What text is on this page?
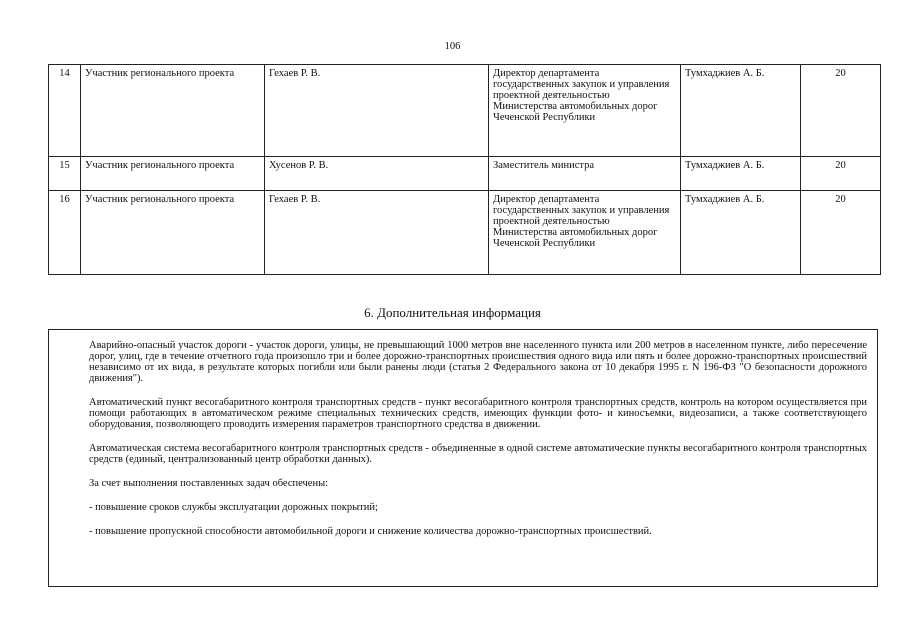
106
14	Участник регионального проекта	Гехаев Р. В.	Директор департамента государственных закупок и управления проектной деятельностью Министерства автомобильных дорог Чеченской Республики	Тумхаджиев А. Б.	20
15	Участник регионального проекта	Хусенов Р. В.	Заместитель министра	Тумхаджиев А. Б.	20
16	Участник регионального проекта	Гехаев Р. В.	Директор департамента государственных закупок и управления проектной деятельностью Министерства автомобильных дорог Чеченской Республики	Тумхаджиев А. Б.	20
6. Дополнительная информация

Аварийно-опасный участок дороги - участок дороги, улицы, не превышающий 1000 метров вне населенного пункта или 200 метров в населенном пункте, либо пересечение дорог, улиц, где в течение отчетного года произошло три и более дорожно-транспортных происшествия одного вида или пять и более дорожно-транспортных происшествий независимо от их вида, в результате которых погибли или были ранены люди (статья 2 Федерального закона от 10 декабря 1995 г. N 196-ФЗ "О безопасности дорожного движения").

Автоматический пункт весогабаритного контроля транспортных средств - пункт весогабаритного контроля транспортных средств, контроль на котором осуществляется при помощи работающих в автоматическом режиме специальных технических средств, имеющих функции фото- и киносъемки, видеозаписи, а также соответствующего оборудования, позволяющего проводить измерения параметров транспортного средства в движении.

Автоматическая система весогабаритного контроля транспортных средств - объединенные в одной системе автоматические пункты весогабаритного контроля транспортных средств (единый, централизованный центр обработки данных).

За счет выполнения поставленных задач обеспечены:

- повышение сроков службы эксплуатации дорожных покрытий;

- повышение пропускной способности автомобильной дороги и снижение количества дорожно-транспортных происшествий.
